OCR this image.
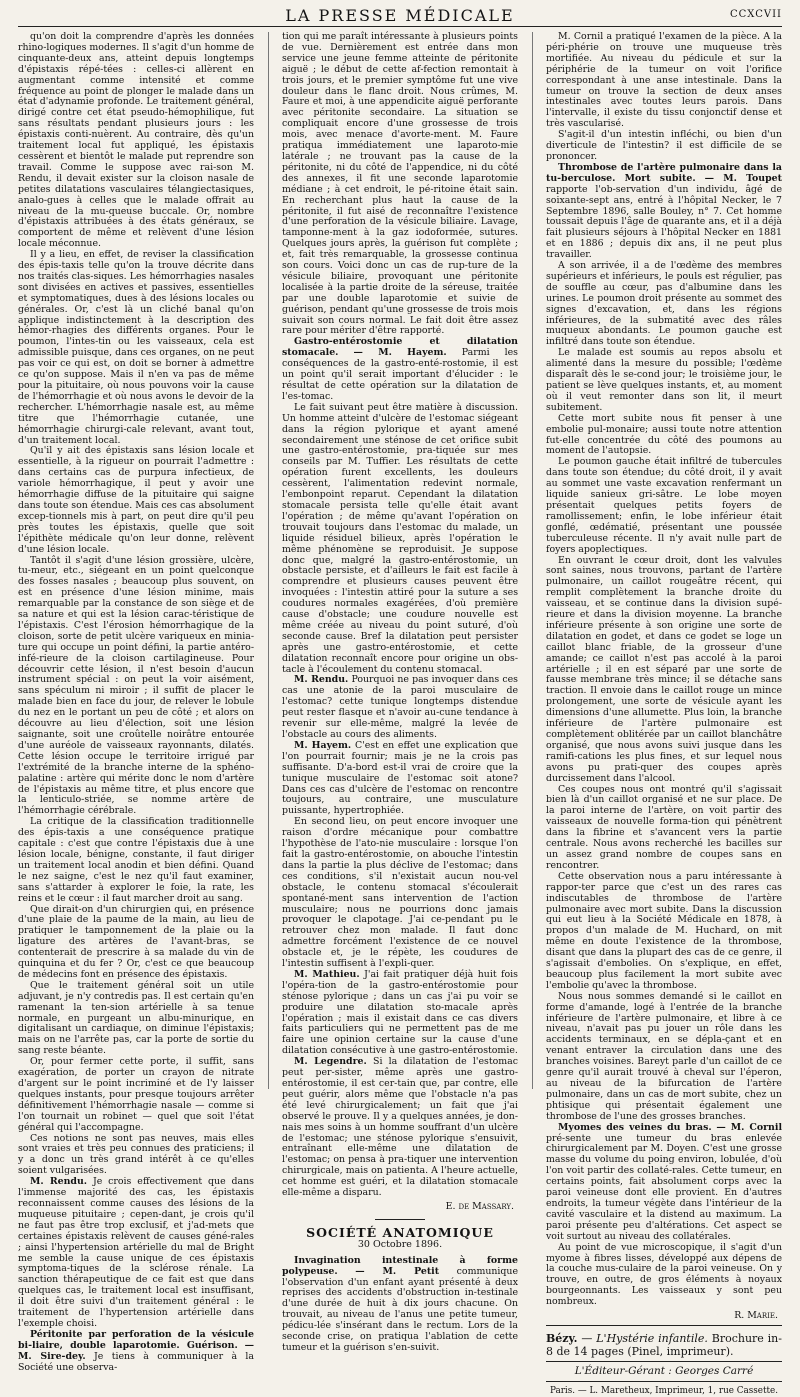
LA PRESSE MÉDICALE	CCXCVII

qu'on doit la comprendre d'après les données rhino-logiques modernes. Il s'agit d'un homme de cinquante-deux ans, atteint depuis longtemps d'épistaxis répé-tées : celles-ci allèrent en augmentant comme intensité et comme fréquence au point de plonger le malade dans un état d'adynamie profonde. Le traitement général, dirigé contre cet état pseudo-hémophilique, fut sans résultats pendant plusieurs jours : les épistaxis conti-nuèrent. Au contraire, dès qu'un traitement local fut appliqué, les épistaxis cessèrent et bientôt le malade put reprendre son travail. Comme le suppose avec rai-son M. Rendu, il devait exister sur la cloison nasale de petites dilatations vasculaires télangiectasiques, analo-gues à celles que le malade offrait au niveau de la mu-queuse buccale. Or, nombre d'épistaxis attribuées à des états généraux, se comportent de même et relèvent d'une lésion locale méconnue.

Il y a lieu, en effet, de reviser la classification des épis-taxis telle qu'on la trouve décrite dans nos traités clas-siques. Les hémorrhagies nasales sont divisées en actives et passives, essentielles et symptomatiques, dues à des lésions locales ou générales. Or, c'est là un cliché banal qu'on applique indistinctement à la description des hémor-rhagies des différents organes. Pour le poumon, l'intes-tin ou les vaisseaux, cela est admissible puisque, dans ces organes, on ne peut pas voir ce qui est, on doit se borner à admettre ce qu'on suppose. Mais il n'en va pas de même pour la pituitaire, où nous pouvons voir la cause de l'hémorrhagie et où nous avons le devoir de la rechercher. L'hémorrhagie nasale est, au même titre que l'hémorrhagie cutanée, une hémorrhagie chirurgi-cale relevant, avant tout, d'un traitement local.

Qu'il y ait des épistaxis sans lésion locale et essentielle, à la rigueur on pourrait l'admettre : dans certains cas de purpura infectieux, de variole hémorrhagique, il peut y avoir une hémorrhagie diffuse de la pituitaire qui saigne dans toute son étendue. Mais ces cas absolument excep-tionnels mis à part, on peut dire qu'il peu près toutes les épistaxis, quelle que soit l'épithète médicale qu'on leur donne, relèvent d'une lésion locale.

Tantôt il s'agit d'une lésion grossière, ulcère, tu-meur, etc., siégeant en un point quelconque des fosses nasales ; beaucoup plus souvent, on est en présence d'une lésion minime, mais remarquable par la constance de son siège et de sa nature et qui est la lésion carac-téristique de l'épistaxis. C'est l'érosion hémorrhagique de la cloison, sorte de petit ulcère variqueux en minia-ture qui occupe un point défini, la partie antéro-infé-rieure de la cloison cartilagineuse. Pour découvrir cette lésion, il n'est besoin d'aucun instrument spécial : on peut la voir aisément, sans spéculum ni miroir ; il suffit de placer le malade bien en face du jour, de relever le lobule du nez en le portant un peu de côté ; et alors on découvre au lieu d'élection, soit une lésion saignante, soit une croûtelle noirâtre entourée d'une auréole de vaisseaux rayonnants, dilatés. Cette lésion occupe le territoire irrigué par l'extrémité de la branche interne de la sphéno-palatine : artère qui mérite donc le nom d'artère de l'épistaxis au même titre, et plus encore que la lenticulo-striée, se nomme artère de l'hémorrhagie cérébrale.

La critique de la classification traditionnelle des épis-taxis a une conséquence pratique capitale : c'est que contre l'épistaxis due à une lésion locale, bénigne, constante, il faut diriger un traitement local anodin et bien défini. Quand le nez saigne, c'est le nez qu'il faut examiner, sans s'attarder à explorer le foie, la rate, les reins et le cœur : il faut marcher droit au sang.

Que dirait-on d'un chirurgien qui, en présence d'une plaie de la paume de la main, au lieu de pratiquer le tamponnement de la plaie ou la ligature des artères de l'avant-bras, se contenterait de prescrire à sa malade du vin de quinquina et du fer ? Or, c'est ce que beaucoup de médecins font en présence des épistaxis.

Que le traitement général soit un utile adjuvant, je n'y contredis pas. Il est certain qu'en ramenant la ten-sion artérielle à sa tenue normale, en purgeant un albu-minurique, en digitalisant un cardiaque, on diminue l'épistaxis; mais on ne l'arrête pas, car la porte de sortie du sang reste béante.

Or, pour fermer cette porte, il suffit, sans exagération, de porter un crayon de nitrate d'argent sur le point incriminé et de l'y laisser quelques instants, pour presque toujours arrêter définitivement l'hémorrhagie nasale — comme si l'on tournait un robinet — quel que soit l'état général qui l'accompagne.

Ces notions ne sont pas neuves, mais elles sont vraies et très peu connues des praticiens; il y a donc un très grand intérêt à ce qu'elles soient vulgarisées.

M. Rendu. Je crois effectivement que dans l'immense majorité des cas, les épistaxis reconnaissent comme causes des lésions de la muqueuse pituitaire ; cepen-dant, je crois qu'il ne faut pas être trop exclusif, et j'ad-mets que certaines épistaxis relèvent de causes géné-rales ; ainsi l'hypertension artérielle du mal de Bright me semble la cause unique de ces épistaxis symptoma-tiques de la sclérose rénale. La sanction thérapeutique de ce fait est que dans quelques cas, le traitement local est insuffisant, il doit être suivi d'un traitement général : le traitement de l'hypertension artérielle dans l'exemple choisi.

Péritonite par perforation de la vésicule bi-liaire, double laparotomie. Guérison. — M. Sire-dey. Je tiens à communiquer à la Société une observa-

tion qui me paraît intéressante à plusieurs points de vue. Dernièrement est entrée dans mon service une jeune femme atteinte de péritonite aiguë ; le début de cette af-fection remontait à trois jours, et le premier symptôme fut une vive douleur dans le flanc droit. Nous crûmes, M. Faure et moi, à une appendicite aiguë perforante avec péritonite secondaire. La situation se compliquait encore d'une grossesse de trois mois, avec menace d'avorte-ment. M. Faure pratiqua immédiatement une laparoto-mie latérale ; ne trouvant pas la cause de la péritonite, ni du côté de l'appendice, ni du côté des annexes, il fit une seconde laparotomie médiane ; à cet endroit, le pé-ritoine était sain. En recherchant plus haut la cause de la péritonite, il fut aisé de reconnaître l'existence d'une perforation de la vésicule biliaire. Lavage, tamponne-ment à la gaz iodoformée, sutures. Quelques jours après, la guérison fut complète ; et, fait très remarquable, la grossesse continua son cours. Voici donc un cas de rup-ture de la vésicule biliaire, provoquant une péritonite localisée à la partie droite de la séreuse, traitée par une double laparotomie et suivie de guérison, pendant qu'une grossesse de trois mois suivait son cours normal. Le fait doit être assez rare pour mériter d'être rapporté.

Gastro-entérostomie et dilatation stomacale. — M. Hayem. Parmi les conséquences de la gastro-enté-rostomie, il est un point qu'il serait important d'élucider : le résultat de cette opération sur la dilatation de l'es-tomac.

Le fait suivant peut être matière à discussion. Un homme atteint d'ulcère de l'estomac siégeant dans la région pylorique et ayant amené secondairement une sténose de cet orifice subit une gastro-entérostomie, pra-tiquée sur mes conseils par M. Tuffier. Les résultats de cette opération furent excellents, les douleurs cessèrent, l'alimentation redevint normale, l'embonpoint reparut. Cependant la dilatation stomacale persista telle qu'elle était avant l'opération ; de même qu'avant l'opération on trouvait toujours dans l'estomac du malade, un liquide résiduel bilieux, après l'opération le même phénomène se reproduisit. Je suppose donc que, malgré la gastro-entérostomie, un obstacle persiste, et d'ailleurs le fait est facile à comprendre et plusieurs causes peuvent être invoquées : l'intestin attiré pour la suture a ses coudures normales exagérées, d'où première cause d'obstacle; une coudure nouvelle est même créée au niveau du point suturé, d'où seconde cause. Bref la dilatation peut persister après une gastro-entérostomie, et cette dilatation reconnaît encore pour origine un obs-tacle à l'écoulement du contenu stomacal.

M. Rendu. Pourquoi ne pas invoquer dans ces cas une atonie de la paroi musculaire de l'estomac? cette tunique longtemps distendue peut rester flasque et n'avoir au-cune tendance à revenir sur elle-même, malgré la levée de l'obstacle au cours des aliments.

M. Hayem. C'est en effet une explication que l'on pourrait fournir; mais je ne la crois pas suffisante. D'a-bord est-il vrai de croire que la tunique musculaire de l'estomac soit atone? Dans ces cas d'ulcère de l'estomac on rencontre toujours, au contraire, une musculature puissante, hypertrophiée.

En second lieu, on peut encore invoquer une raison d'ordre mécanique pour combattre l'hypothèse de l'ato-nie musculaire : lorsque l'on fait la gastro-entérostomie, on abouche l'intestin dans la partie la plus déclive de l'estomac; dans ces conditions, s'il n'existait aucun nou-vel obstacle, le contenu stomacal s'écoulerait spontané-ment sans intervention de l'action musculaire; nous ne pourrions donc jamais provoquer le clapotage. J'ai ce-pendant pu le retrouver chez mon malade. Il faut donc admettre forcément l'existence de ce nouvel obstacle et, je le répète, les coudures de l'intestin suffisent à l'expli-quer.

M. Mathieu. J'ai fait pratiquer déjà huit fois l'opéra-tion de la gastro-entérostomie pour sténose pylorique ; dans un cas j'ai pu voir se produire une dilatation sto-macale après l'opération ; mais il existait dans ce cas divers faits particuliers qui ne permettent pas de me faire une opinion certaine sur la cause d'une dilatation consécutive à une gastro-entérostomie.

M. Legendre. Si la dilatation de l'estomac peut per-sister, même après une gastro-entérostomie, il est cer-tain que, par contre, elle peut guérir, alors même que l'obstacle n'a pas été levé chirurgicalement; un fait que j'ai observé le prouve. Il y a quelques années, je don-nais mes soins à un homme souffrant d'un ulcère de l'estomac; une sténose pylorique s'ensuivit, entraînant elle-même une dilatation de l'estomac; on pensa à pra-tiquer une intervention chirurgicale, mais on patienta. A l'heure actuelle, cet homme est guéri, et la dilatation stomacale elle-même a disparu.

E. de Massary.
SOCIÉTÉ ANATOMIQUE
30 Octobre 1896.

Invagination intestinale à forme polypeuse. — M. Petit communique l'observation d'un enfant ayant présenté à deux reprises des accidents d'obstruction in-testinale d'une durée de huit à dix jours chacune. On trouvait, au niveau de l'anus une petite tumeur, pédicu-lée s'insérant dans le rectum. Lors de la seconde crise, on pratiqua l'ablation de cette tumeur et la guérison s'en-suivit.

M. Cornil a pratiqué l'examen de la pièce. A la péri-phérie on trouve une muqueuse très mortifiée. Au niveau du pédicule et sur la périphérie de la tumeur on voit l'orifice correspondant à une anse intestinale. Dans la tumeur on trouve la section de deux anses intestinales avec toutes leurs parois. Dans l'intervalle, il existe du tissu conjonctif dense et très vascularisé.

S'agit-il d'un intestin infléchi, ou bien d'un diverticule de l'intestin? il est difficile de se prononcer.

Thrombose de l'artère pulmonaire dans la tu-berculose. Mort subite. — M. Toupet rapporte l'ob-servation d'un individu, âgé de soixante-sept ans, entré à l'hôpital Necker, le 7 Septembre 1896, salle Bouley, n° 7. Cet homme toussait depuis l'âge de quarante ans, et il a déjà fait plusieurs séjours à l'hôpital Necker en 1881 et en 1886 ; depuis dix ans, il ne peut plus travailler.

A son arrivée, il a de l'œdème des membres supérieurs et inférieurs, le pouls est régulier, pas de souffle au cœur, pas d'albumine dans les urines. Le poumon droit présente au sommet des signes d'excavation, et, dans les régions inférieures, de la submatité avec des râles muqueux abondants. Le poumon gauche est infiltré dans toute son étendue.

Le malade est soumis au repos absolu et alimenté dans la mesure du possible; l'œdème disparaît dès le se-cond jour; le troisième jour, le patient se lève quelques instants, et, au moment où il veut remonter dans son lit, il meurt subitement.

Cette mort subite nous fit penser à une embolie pul-monaire; aussi toute notre attention fut-elle concentrée du côté des poumons au moment de l'autopsie.

Le poumon gauche était infiltré de tubercules dans toute son étendue; du côté droit, il y avait au sommet une vaste excavation renfermant un liquide sanieux gri-sâtre. Le lobe moyen présentait quelques petits foyers de ramollissement; enfin, le lobe inférieur était gonflé, œdématié, présentant une poussée tuberculeuse récente. Il n'y avait nulle part de foyers apoplectiques.

En ouvrant le cœur droit, dont les valvules sont saines, nous trouvons, partant de l'artère pulmonaire, un caillot rougeâtre récent, qui remplit complètement la branche droite du vaisseau, et se continue dans la division supé-rieure et dans la division moyenne. La branche inférieure présente à son origine une sorte de dilatation en godet, et dans ce godet se loge un caillot blanc friable, de la grosseur d'une amande; ce caillot n'est pas accolé à la paroi artérielle ; il en est séparé par une sorte de fausse membrane très mince; il se détache sans traction. Il envoie dans le caillot rouge un mince prolongement, une sorte de vésicule ayant les dimensions d'une allumette. Plus loin, la branche inférieure de l'artère pulmonaire est complètement oblitérée par un caillot blanchâtre organisé, que nous avons suivi jusque dans les ramifi-cations les plus fines, et sur lequel nous avons pu prati-quer des coupes après durcissement dans l'alcool.

Ces coupes nous ont montré qu'il s'agissait bien là d'un caillot organisé et ne sur place. De la paroi interne de l'artère, on voit partir des vaisseaux de nouvelle forma-tion qui pénètrent dans la fibrine et s'avancent vers la partie centrale. Nous avons recherché les bacilles sur un assez grand nombre de coupes sans en rencontrer.

Cette observation nous a paru intéressante à rappor-ter parce que c'est un des rares cas indiscutables de thrombose de l'artère pulmonaire avec mort subite. Dans la discussion qui eut lieu à la Société Médicale en 1878, à propos d'un malade de M. Huchard, on mit même en doute l'existence de la thrombose, disant que dans la plupart des cas de ce genre, il s'agissait d'embolies. On s'explique, en effet, beaucoup plus facilement la mort subite avec l'embolie qu'avec la thrombose.

Nous nous sommes demandé si le caillot en forme d'amande, logé à l'entrée de la branche inférieure de l'artère pulmonaire, et libre à ce niveau, n'avait pas pu jouer un rôle dans les accidents terminaux, en se dépla-çant et en venant entraver la circulation dans une des branches voisines. Bareyt parle d'un caillot de ce genre qu'il aurait trouvé à cheval sur l'éperon, au niveau de la bifurcation de l'artère pulmonaire, dans un cas de mort subite, chez un phtisique qui présentait également une thrombose de l'une des grosses branches.

Myomes des veines du bras. — M. Cornil pré-sente une tumeur du bras enlevée chirurgicalement par M. Doyen. C'est une grosse masse du volume du poing environ, lobulée, d'où l'on voit partir des collaté-rales. Cette tumeur, en certains points, fait absolument corps avec la paroi veineuse dont elle provient. En d'autres endroits, la tumeur végète dans l'intérieur de la cavité vasculaire et la distend au maximum. La paroi présente peu d'altérations. Cet aspect se voit surtout au niveau des collatérales.

Au point de vue microscopique, il s'agit d'un myome à fibres lisses, développé aux dépens de la couche mus-culaire de la paroi veineuse. On y trouve, en outre, de gros éléments à noyaux bourgeonnants. Les vaisseaux y sont peu nombreux.

R. Marie.

Bézy. — L'Hystérie infantile. Brochure in-8 de 14 pages (Pinel, imprimeur).

L'Éditeur-Gérant : Georges Carré
Paris. — L. Maretheux, Imprimeur, 1, rue Cassette.
